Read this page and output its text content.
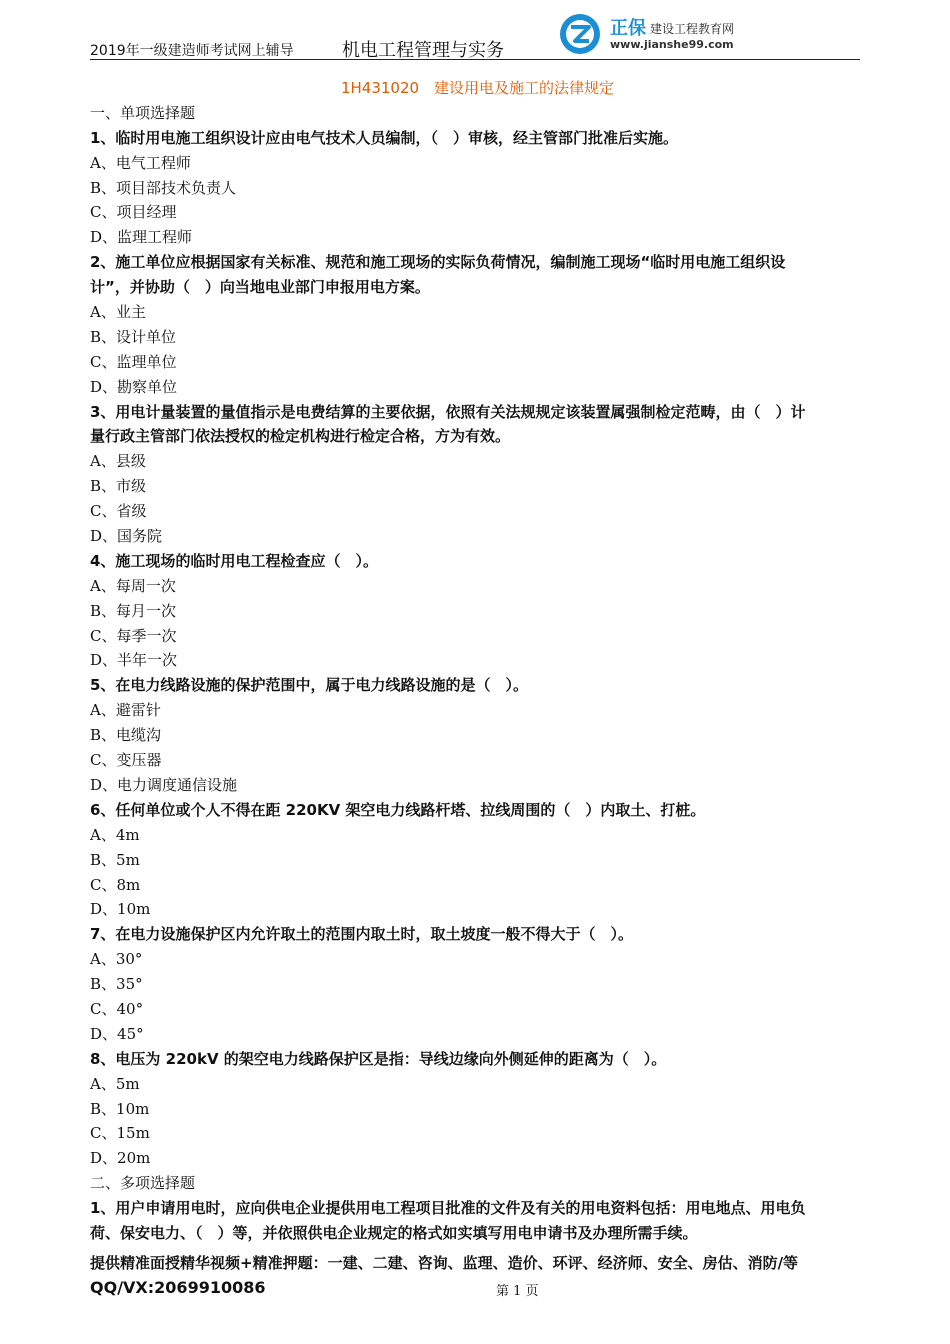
2019年一级建造师考试网上辅导	机电工程管理与实务
正保 建设工程教育网
www.jianshe99.com
1H431020　建设用电及施工的法律规定
一、单项选择题
1、临时用电施工组织设计应由电气技术人员编制，（　）审核，经主管部门批准后实施。
A、电气工程师
B、项目部技术负责人
C、项目经理
D、监理工程师
2、施工单位应根据国家有关标准、规范和施工现场的实际负荷情况，编制施工现场“临时用电施工组织设
计”，并协助（　）向当地电业部门申报用电方案。
A、业主
B、设计单位
C、监理单位
D、勘察单位
3、用电计量装置的量值指示是电费结算的主要依据，依照有关法规规定该装置属强制检定范畴，由（　）计
量行政主管部门依法授权的检定机构进行检定合格，方为有效。
A、县级
B、市级
C、省级
D、国务院
4、施工现场的临时用电工程检查应（　）。
A、每周一次
B、每月一次
C、每季一次
D、半年一次
5、在电力线路设施的保护范围中，属于电力线路设施的是（　）。
A、避雷针
B、电缆沟
C、变压器
D、电力调度通信设施
6、任何单位或个人不得在距 220KV 架空电力线路杆塔、拉线周围的（　）内取土、打桩。
A、4m
B、5m
C、8m
D、10m
7、在电力设施保护区内允许取土的范围内取土时，取土坡度一般不得大于（　）。
A、30°
B、35°
C、40°
D、45°
8、电压为 220kV 的架空电力线路保护区是指：导线边缘向外侧延伸的距离为（　）。
A、5m
B、10m
C、15m
D、20m
二、多项选择题
1、用户申请用电时，应向供电企业提供用电工程项目批准的文件及有关的用电资料包括：用电地点、用电负
荷、保安电力、（　）等，并依照供电企业规定的格式如实填写用电申请书及办理所需手续。
提供精准面授精华视频+精准押题：一建、二建、咨询、监理、造价、环评、经济师、安全、房估、消防/等
QQ/VX:2069910086	第 1 页
